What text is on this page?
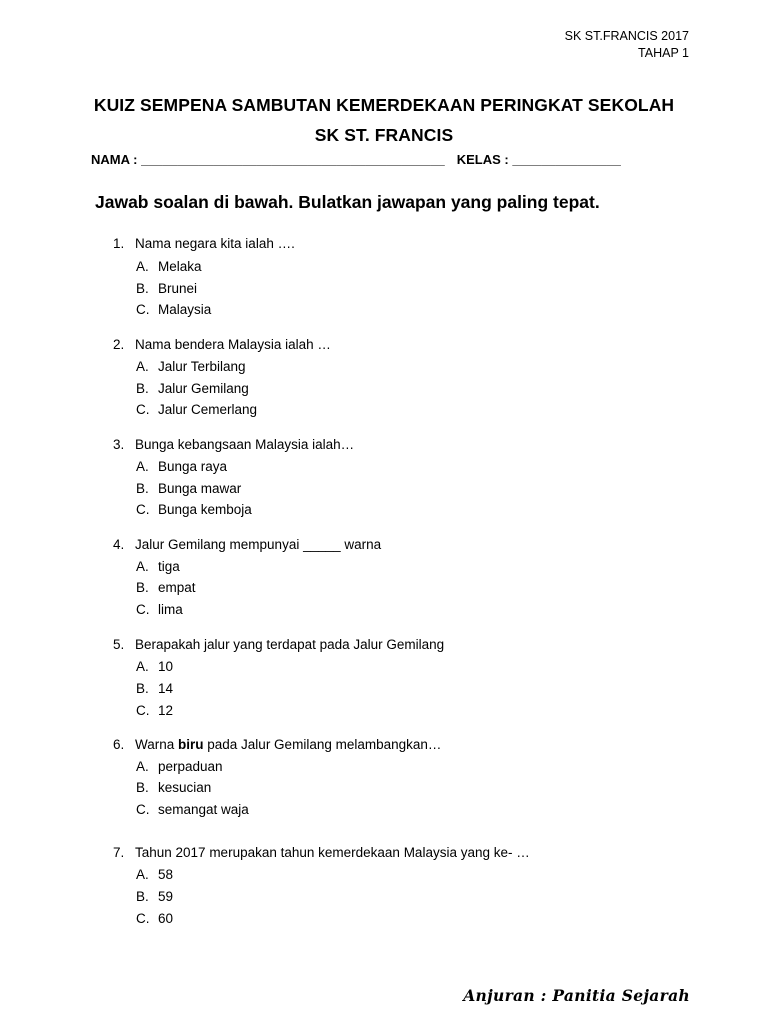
SK ST.FRANCIS 2017
TAHAP 1
KUIZ SEMPENA SAMBUTAN KEMERDEKAAN PERINGKAT SEKOLAH
SK ST. FRANCIS
NAMA : __________________________________________ KELAS : _______________
Jawab soalan di bawah. Bulatkan jawapan yang paling tepat.
1. Nama negara kita ialah ….
A. Melaka
B. Brunei
C. Malaysia
2. Nama bendera Malaysia ialah …
A. Jalur Terbilang
B. Jalur Gemilang
C. Jalur Cemerlang
3. Bunga kebangsaan Malaysia ialah…
A. Bunga raya
B. Bunga mawar
C. Bunga kemboja
4. Jalur Gemilang mempunyai _____ warna
A. tiga
B. empat
C. lima
5. Berapakah jalur yang terdapat pada Jalur Gemilang
A. 10
B. 14
C. 12
6. Warna biru pada Jalur Gemilang melambangkan…
A. perpaduan
B. kesucian
C. semangat waja
7. Tahun 2017 merupakan tahun kemerdekaan Malaysia yang ke- …
A. 58
B. 59
C. 60
Anjuran : Panitia Sejarah
